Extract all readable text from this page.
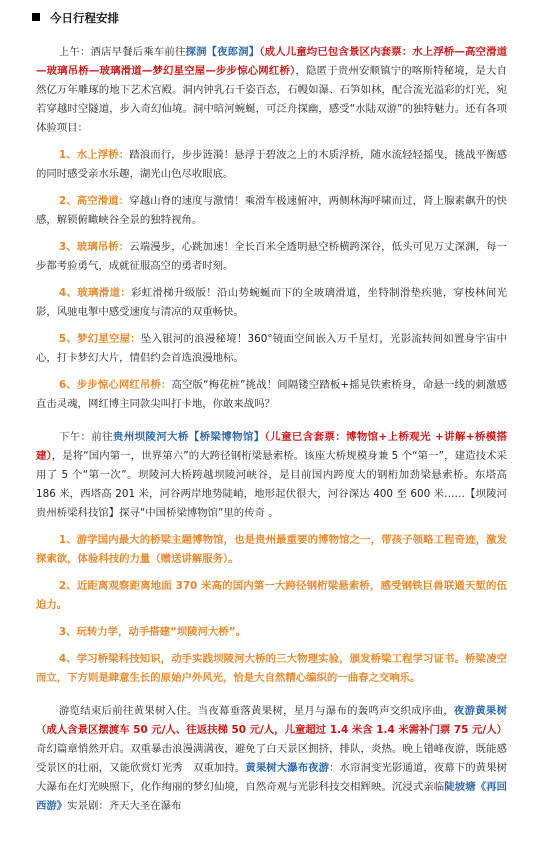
今日行程安排

上午：酒店早餐后乘车前往探洞【夜郎洞】（成人儿童均已包含景区内套票：水上浮桥—高空滑道—玻璃吊桥—玻璃滑道—梦幻星空屋—步步惊心网红桥），隐匿于贵州安顺镇宁的喀斯特秘境，是大自然亿万年雕琢的地下艺术宫殿。洞内钟乳石千姿百态，石幔如瀑、石笋如林，配合流光溢彩的灯光，宛若穿越时空隧道，步入奇幻仙境。洞中暗河蜿蜒，可泛舟探幽，感受“水陆双游”的独特魅力。还有各项体验项目：

1、水上浮桥：踏浪而行，步步涟漪！悬浮于碧波之上的木质浮桥，随水流轻轻摇曳，挑战平衡感的同时感受亲水乐趣，湖光山色尽收眼底。

2、高空滑道：穿越山脊的速度与激情！乘滑车极速俯冲，两侧林海呼啸而过，肾上腺素飙升的快感，解锁俯瞰峡谷全景的独特视角。

3、玻璃吊桥：云端漫步，心跳加速！全长百米全透明悬空桥横跨深谷，低头可见万丈深渊，每一步都考验勇气，成就征服高空的勇者时刻。

4、玻璃滑道：彩虹滑梯升级版！沿山势蜿蜒而下的全玻璃滑道，坐特制滑垫疾驰，穿梭林间光影，风驰电掣中感受速度与清凉的双重畅快。

5、梦幻星空屋：坠入银河的浪漫秘境！360°镜面空间嵌入万千星灯，光影流转间如置身宇宙中心，打卡梦幻大片，情侣约会首选浪漫地标。

6、步步惊心网红吊桥：高空版“梅花桩”挑战！间隔镂空踏板+摇晃铁索桥身，命悬一线的刺激感直击灵魂，网红博主同款尖叫打卡地，你敢来战吗？

下午：前往贵州坝陵河大桥【桥梁博物馆】（儿童已含套票：博物馆+上桥观光 +讲解+桥模搭建），是将“国内第一，世界第六”的大跨径钢桁梁悬索桥。该座大桥规模身兼 5 个“第一”，建造技术采用了 5 个“第一次”。坝陵河大桥跨越坝陵河峡谷，是目前国内跨度大的钢桁加劲梁悬索桥。东塔高 186 米，西塔高 201 米，河谷两岸地势陡峭，地形起伏很大，河谷深达 400 至 600 米……【坝陵河贵州桥梁科技馆】探寻“中国桥梁博物馆”里的传奇 。

1、游学国内最大的桥梁主题博物馆，也是贵州最重要的博物馆之一，带孩子领略工程奇迹，激发探索欲，体验科技的力量（赠送讲解服务）。

2、近距离观察距离地面 370 米高的国内第一大跨径钢桁梁悬索桥，感受钢铁巨兽联通天堑的伍迫力。

3、玩转力学，动手搭建“坝陵河大桥”。

4、学习桥梁科技知识，动手实践坝陵河大桥的三大物理实验，颁发桥梁工程学习证书。桥梁凌空而立，下方则是肆意生长的原始户外风光，恰是大自然精心编织的一曲春之交响乐。

游览结束后前往黄果树入住。当夜幕垂落黄果树，星月与瀑布的轰鸣声交织成序曲，夜游黄果树（成人含景区摆渡车 50 元/人、往返扶梯 50 元/人，儿童超过 1.4 米含 1.4 米需补门票 75 元/人）奇幻篇章悄然开启。双重暴击浪漫满满夜，避免了白天景区拥挤，排队，炎热。晚上错峰夜游，既能感受景区的壮丽，又能欣赏灯光秀　双重加持。黄果树大瀑布夜游：水帘洞变光影通道，夜幕下的黄果树大瀑布在灯光映照下，化作绚丽的梦幻仙境，自然奇观与光影科技交相辉映。沉浸式亲临陡坡塘《再回西游》实景剧：齐天大圣在瀑布
